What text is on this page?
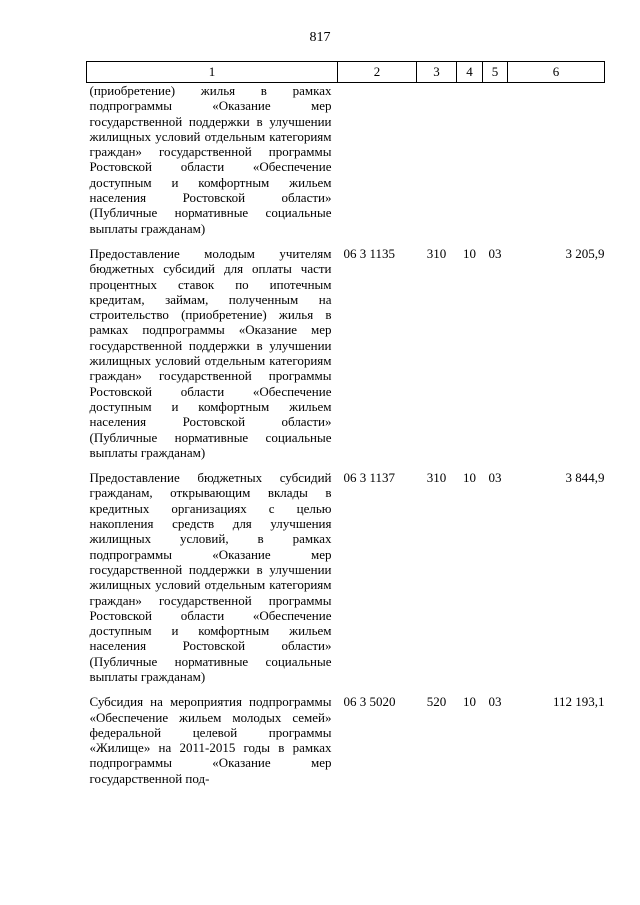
817
1	2	3	4	5	6
(приобретение) жилья в рамках подпрограммы «Оказание мер государственной поддержки в улучшении жилищных условий отдельным категориям граждан» государственной программы Ростовской области «Обеспечение доступным и комфортным жильем населения Ростовской области» (Публичные нормативные социальные выплаты гражданам)					
Предоставление молодым учителям бюджетных субсидий для оплаты части процентных ставок по ипотечным кредитам, займам, полученным на строительство (приобретение) жилья в рамках подпрограммы «Оказание мер государственной поддержки в улучшении жилищных условий отдельным категориям граждан» государственной программы Ростовской области «Обеспечение доступным и комфортным жильем населения Ростовской области» (Публичные нормативные социальные выплаты гражданам)	06 3 1135	310	10	03	3 205,9
Предоставление бюджетных субсидий гражданам, открывающим вклады в кредитных организациях с целью накопления средств для улучшения жилищных условий, в рамках подпрограммы «Оказание мер государственной поддержки в улучшении жилищных условий отдельным категориям граждан» государственной программы Ростовской области «Обеспечение доступным и комфортным жильем населения Ростовской области» (Публичные нормативные социальные выплаты гражданам)	06 3 1137	310	10	03	3 844,9
Субсидия на мероприятия подпрограммы «Обеспечение жильем молодых семей» федеральной целевой программы «Жилище» на 2011-2015 годы в рамках подпрограммы «Оказание мер государственной под-	06 3 5020	520	10	03	112 193,1
